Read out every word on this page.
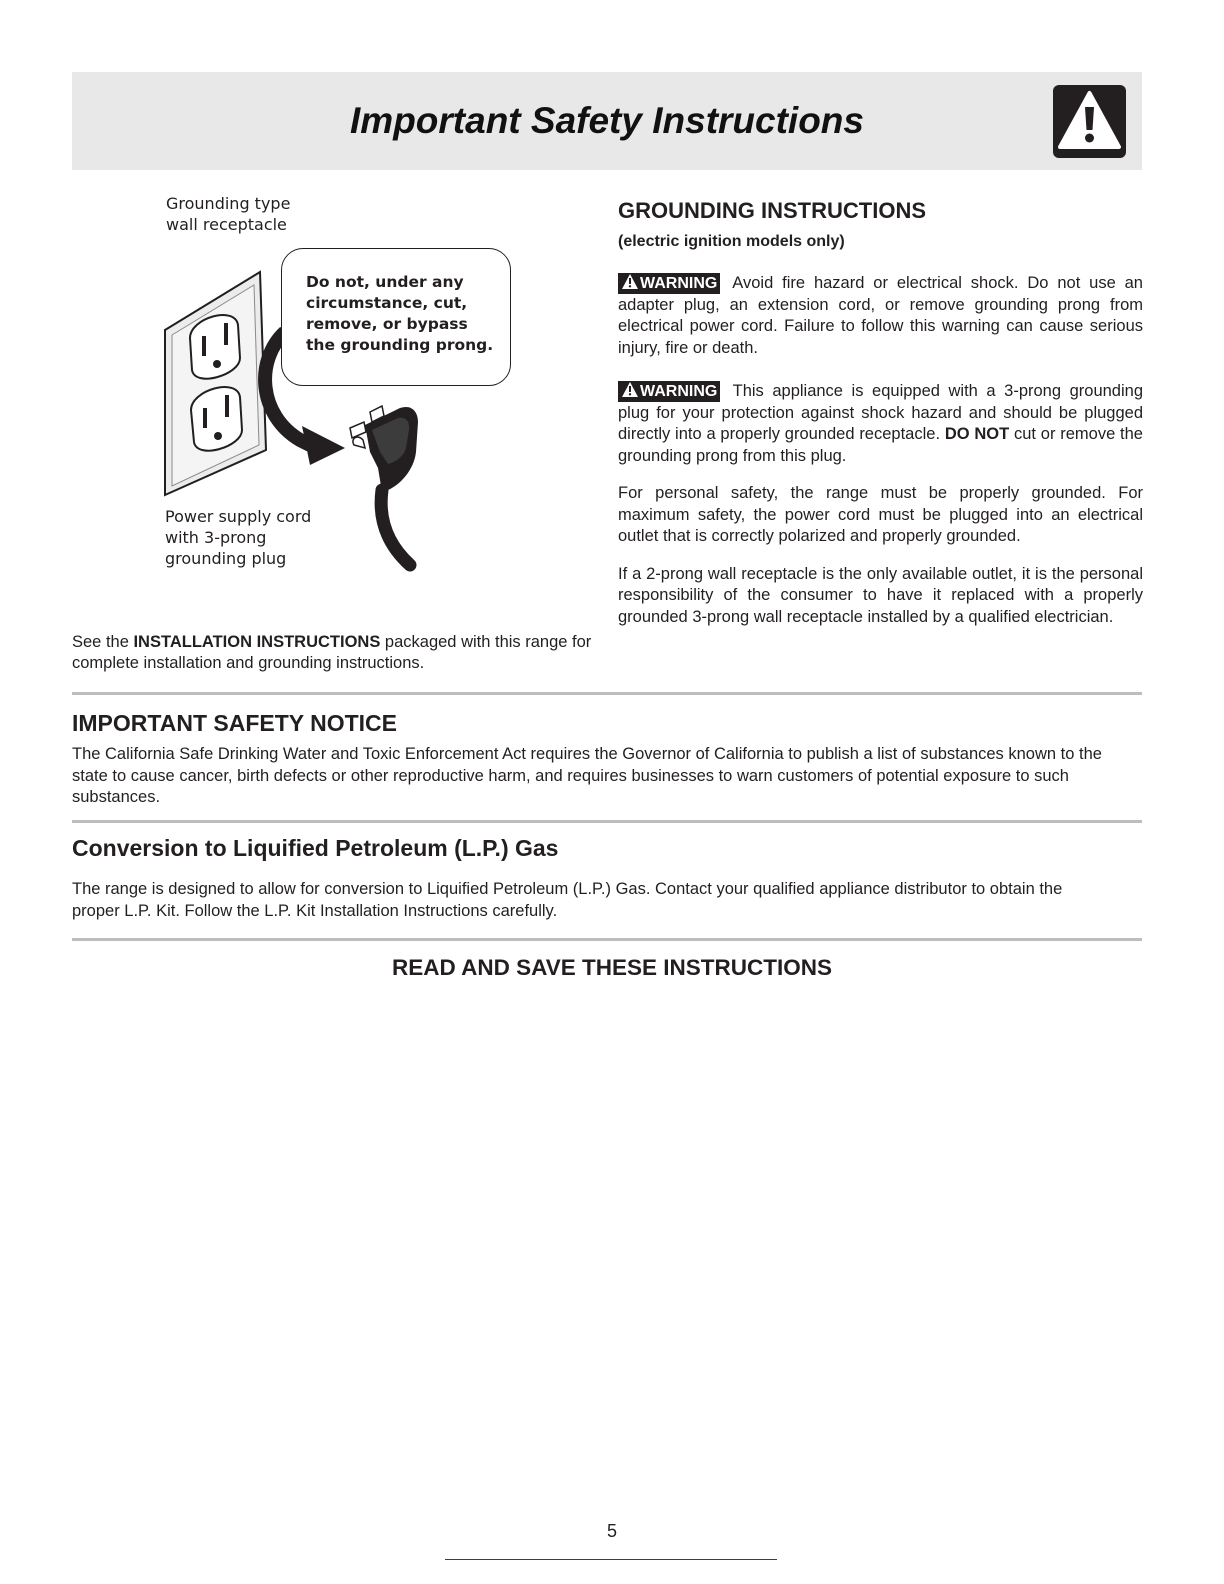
Important Safety Instructions
Grounding type
wall receptacle
Do not, under any
circumstance, cut,
remove, or bypass
the grounding prong.
Power supply cord
with 3-prong
grounding plug
See the INSTALLATION INSTRUCTIONS packaged with this range for complete installation and grounding instructions.
GROUNDING INSTRUCTIONS
(electric ignition models only)
WARNING Avoid fire hazard or electrical shock. Do not use an adapter plug, an extension cord, or remove grounding prong from electrical power cord. Failure to follow this warning can cause serious injury, fire or death.
WARNING This appliance is equipped with a 3-prong grounding plug for your protection against shock hazard and should be plugged directly into a properly grounded receptacle. DO NOT cut or remove the grounding prong from this plug.
For personal safety, the range must be properly grounded. For maximum safety, the power cord must be plugged into an electrical outlet that is correctly polarized and properly grounded.
If a 2-prong wall receptacle is the only available outlet, it is the personal responsibility of the consumer to have it replaced with a properly grounded 3-prong wall receptacle installed by a qualified electrician.
IMPORTANT SAFETY NOTICE
The California Safe Drinking Water and Toxic Enforcement Act requires the Governor of California to publish a list of substances known to the state to cause cancer, birth defects or other reproductive harm, and requires businesses to warn customers of potential exposure to such substances.
Conversion to Liquified Petroleum (L.P.) Gas
The range is designed to allow for conversion to Liquified Petroleum (L.P.) Gas. Contact your qualified appliance distributor to obtain the proper L.P. Kit. Follow the L.P. Kit Installation Instructions carefully.
READ AND SAVE THESE INSTRUCTIONS
5
